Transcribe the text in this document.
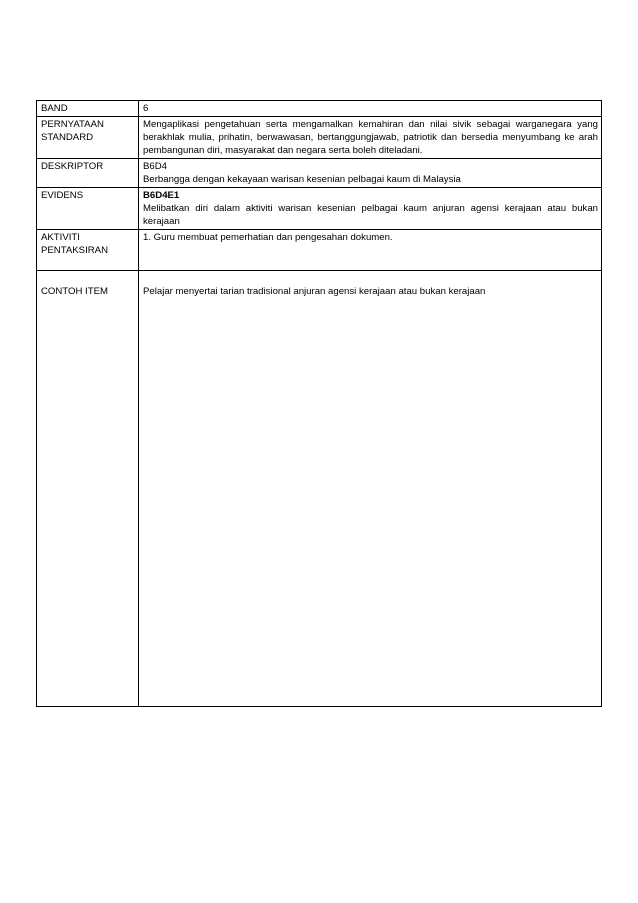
BAND	6

PERNYATAAN
STANDARD	Mengaplikasi pengetahuan serta mengamalkan kemahiran dan nilai sivik sebagai warganegara yang berakhlak mulia, prihatin, berwawasan, bertanggungjawab, patriotik dan bersedia menyumbang ke arah pembangunan diri, masyarakat dan negara serta boleh diteladani.
DESKRIPTOR	B6D4
Berbangga dengan kekayaan warisan kesenian pelbagai kaum di Malaysia

EVIDENS	B6D4E1
Melibatkan diri dalam aktiviti warisan kesenian pelbagai kaum anjuran agensi kerajaan atau bukan kerajaan

AKTIVITI
PENTAKSIRAN	1. Guru membuat pemerhatian dan pengesahan dokumen.
CONTOH ITEM	Pelajar menyertai tarian tradisional anjuran agensi kerajaan atau bukan kerajaan
